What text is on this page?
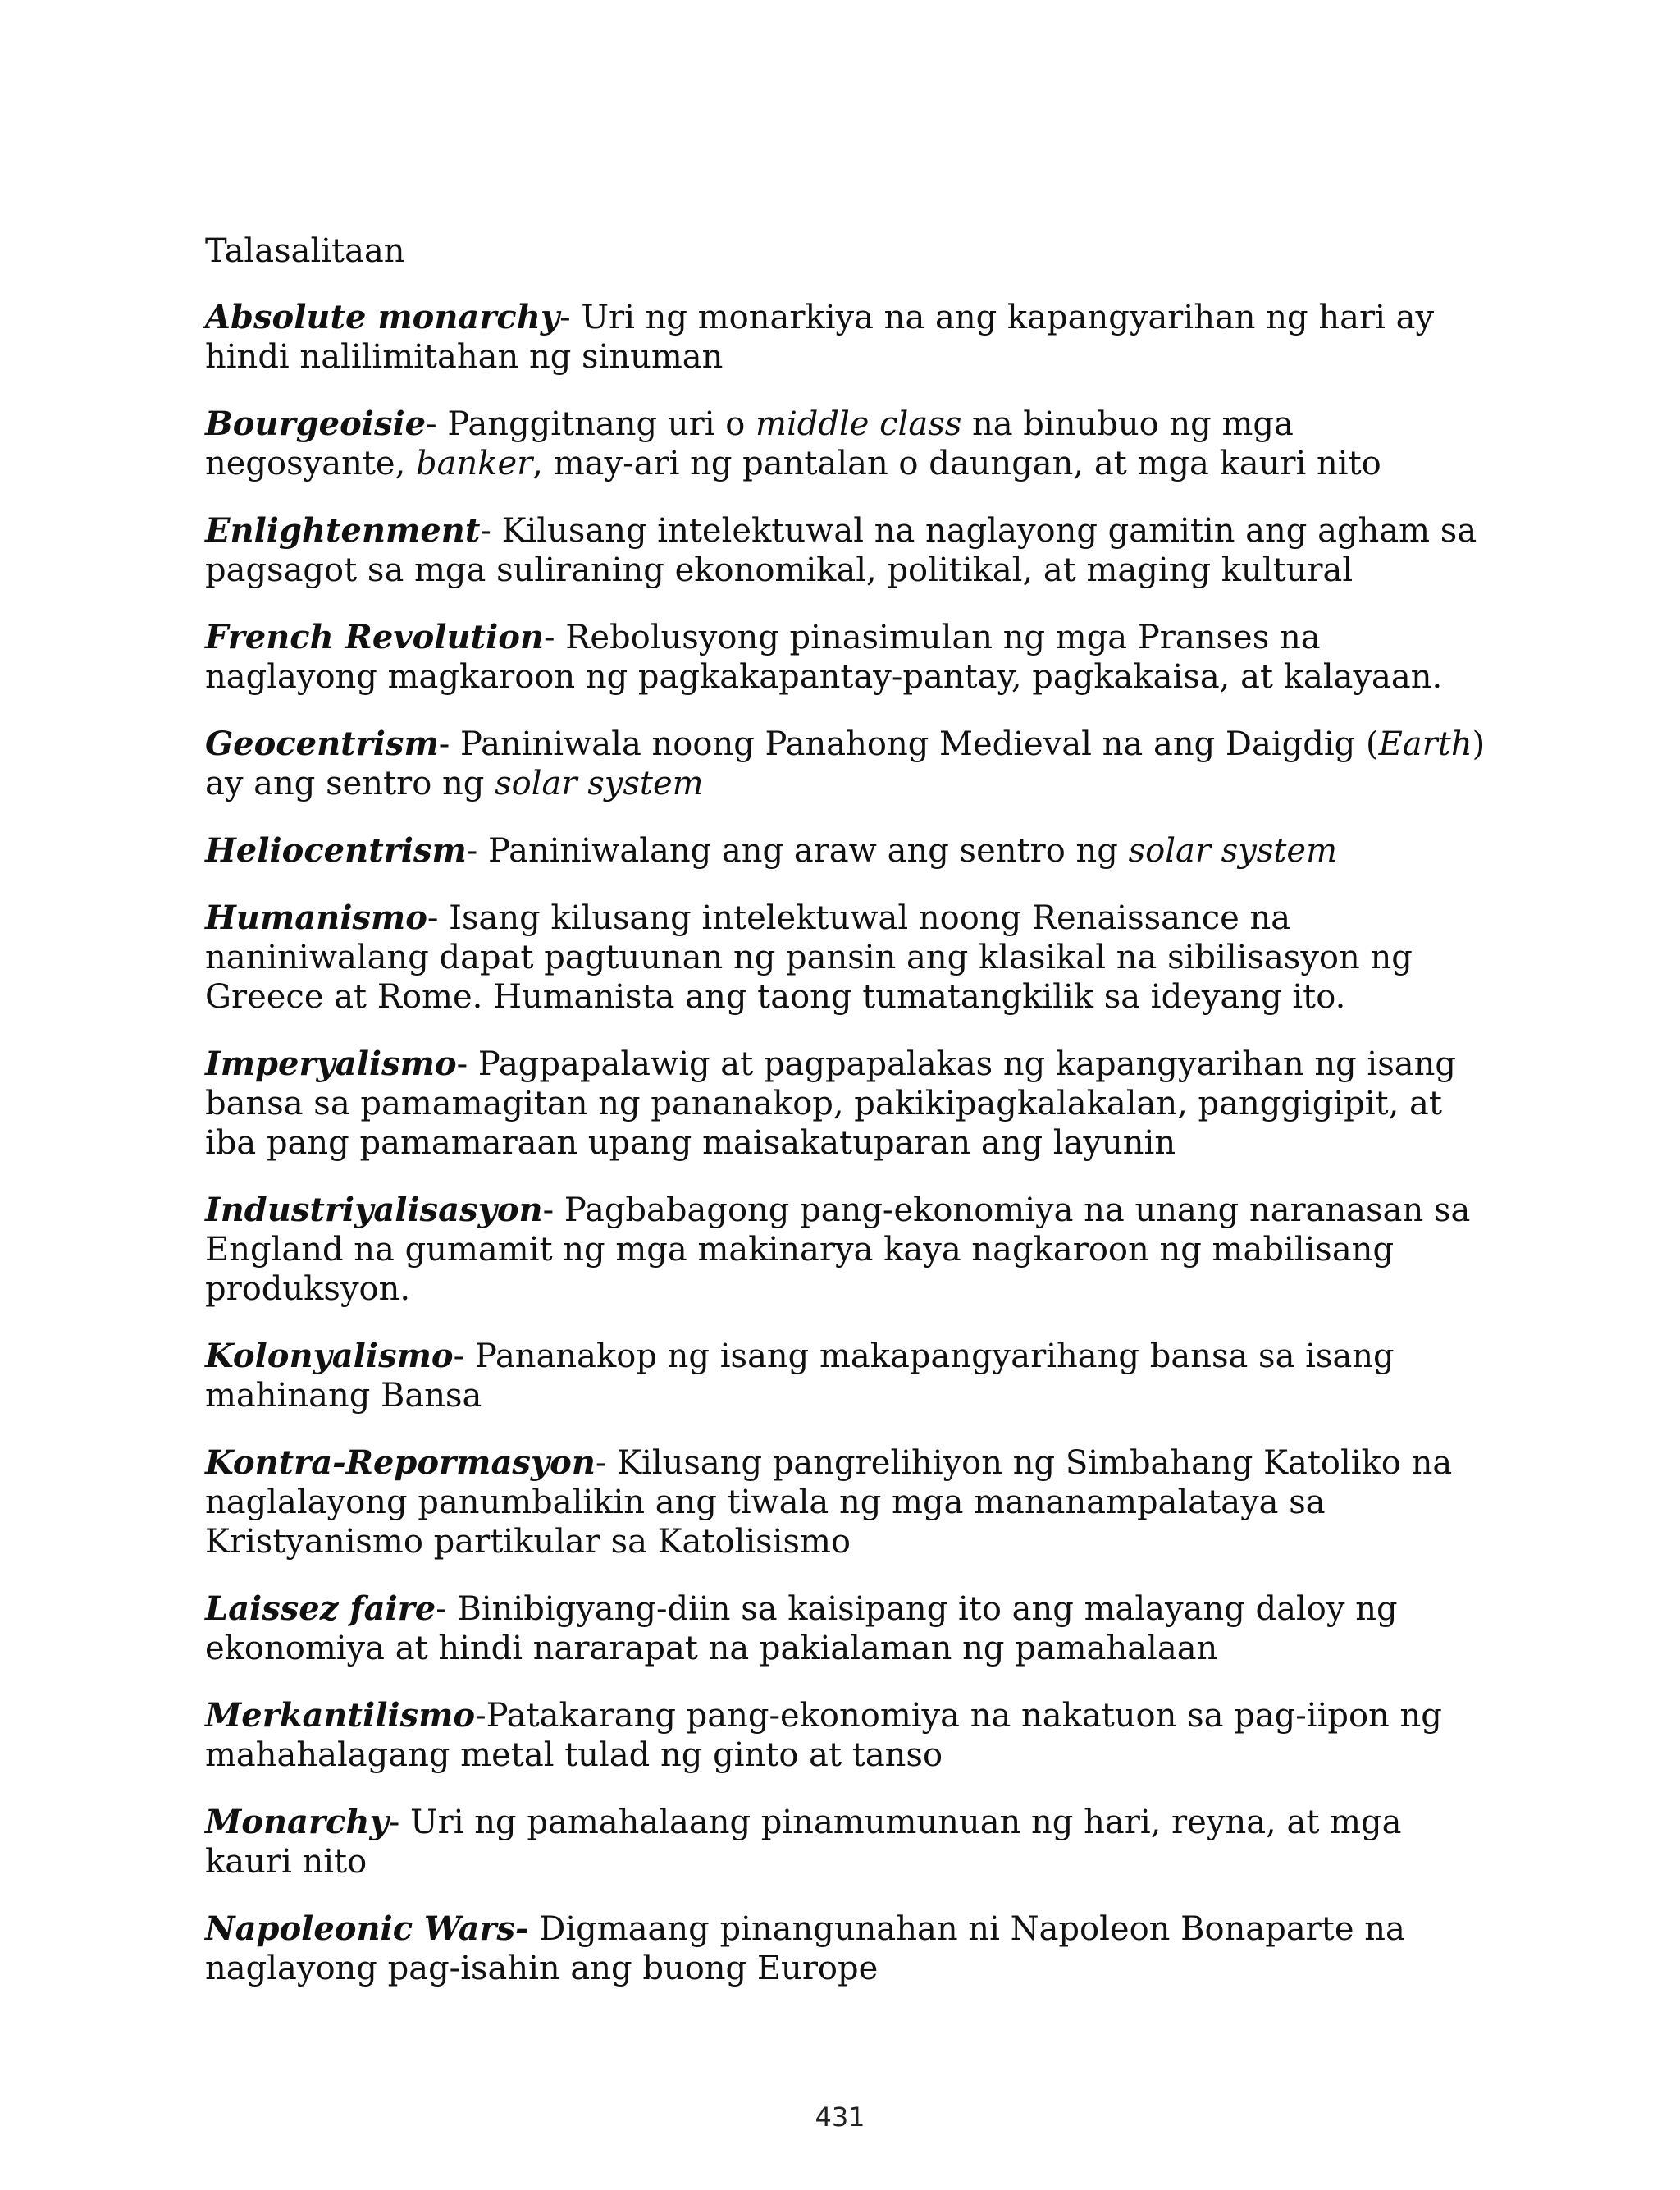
Talasalitaan

Absolute monarchy- Uri ng monarkiya na ang kapangyarihan ng hari ay hindi nalilimitahan ng sinuman

Bourgeoisie- Panggitnang uri o middle class na binubuo ng mga negosyante, banker, may-ari ng pantalan o daungan, at mga kauri nito

Enlightenment- Kilusang intelektuwal na naglayong gamitin ang agham sa pagsagot sa mga suliraning ekonomikal, politikal, at maging kultural

French Revolution- Rebolusyong pinasimulan ng mga Pranses na naglayong magkaroon ng pagkakapantay-pantay, pagkakaisa, at kalayaan.

Geocentrism- Paniniwala noong Panahong Medieval na ang Daigdig (Earth) ay ang sentro ng solar system

Heliocentrism- Paniniwalang ang araw ang sentro ng solar system

Humanismo- Isang kilusang intelektuwal noong Renaissance na naniniwalang dapat pagtuunan ng pansin ang klasikal na sibilisasyon ng Greece at Rome. Humanista ang taong tumatangkilik sa ideyang ito.

Imperyalismo- Pagpapalawig at pagpapalakas ng kapangyarihan ng isang bansa sa pamamagitan ng pananakop, pakikipagkalakalan, panggigipit, at iba pang pamamaraan upang maisakatuparan ang layunin

Industriyalisasyon- Pagbabagong pang-ekonomiya na unang naranasan sa England na gumamit ng mga makinarya kaya nagkaroon ng mabilisang produksyon.

Kolonyalismo- Pananakop ng isang makapangyarihang bansa sa isang mahinang Bansa

Kontra-Repormasyon- Kilusang pangrelihiyon ng Simbahang Katoliko na naglalayong panumbalikin ang tiwala ng mga mananampalataya sa Kristyanismo partikular sa Katolisismo

Laissez faire- Binibigyang-diin sa kaisipang ito ang malayang daloy ng ekonomiya at hindi nararapat na pakialaman ng pamahalaan

Merkantilismo-Patakarang pang-ekonomiya na nakatuon sa pag-iipon ng mahahalagang metal tulad ng ginto at tanso

Monarchy- Uri ng pamahalaang pinamumunuan ng hari, reyna, at mga kauri nito

Napoleonic Wars- Digmaang pinangunahan ni Napoleon Bonaparte na naglayong pag-isahin ang buong Europe

431
